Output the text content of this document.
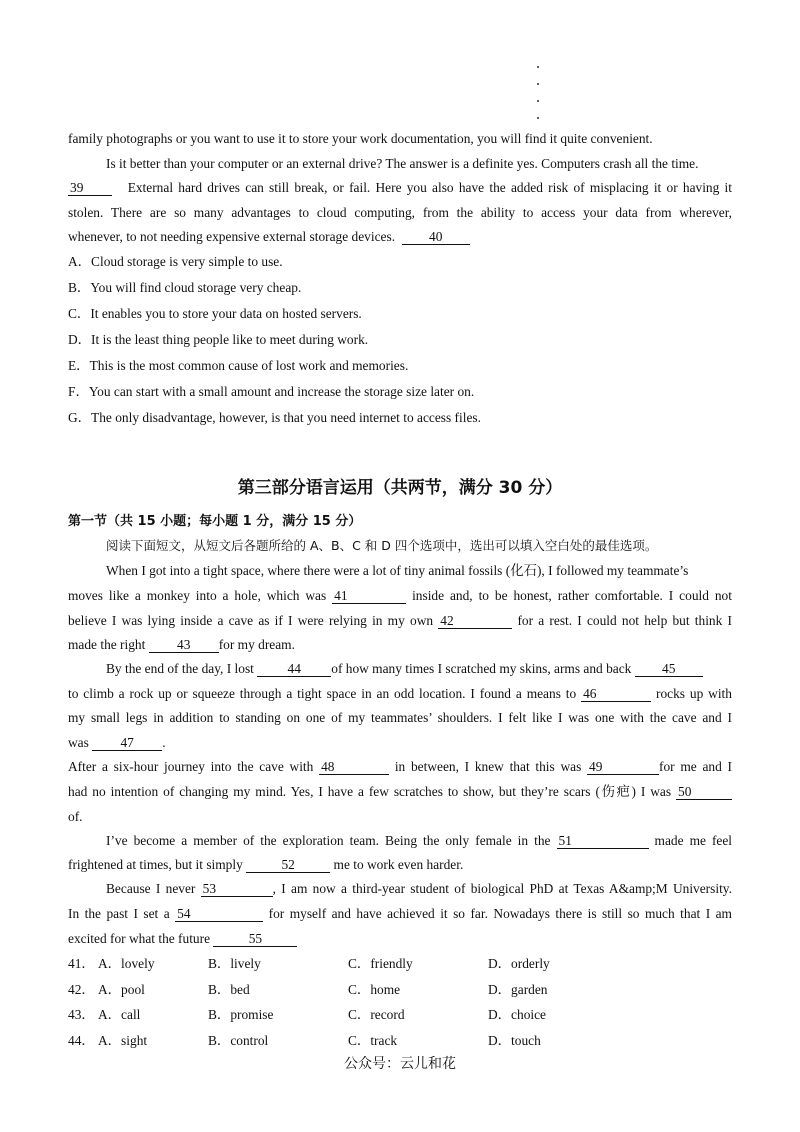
family photographs or you want to use it to store your work documentation, you will find it quite convenient.
Is it better than your computer or an external drive? The answer is a definite yes. Computers crash all the time.
39	External hard drives can still break, or fail. Here you also have the added risk of misplacing it or having it
stolen. There are so many advantages to cloud computing, from the ability to access your data from wherever,
whenever, to not needing expensive external storage devices.	40
A．Cloud storage is very simple to use.
B．You will find cloud storage very cheap.
C．It enables you to store your data on hosted servers.
D．It is the least thing people like to meet during work.
E．This is the most common cause of lost work and memories.
F．You can start with a small amount and increase the storage size later on.
G．The only disadvantage, however, is that you need internet to access files.
第三部分语言运用（共两节，满分 30 分）
第一节（共 15 小题；每小题 1 分，满分 15 分）
阅读下面短文，从短文后各题所给的 A、B、C 和 D 四个选项中，选出可以填入空白处的最佳选项。
When I got into a tight space, where there were a lot of tiny animal fossils (化石), I followed my teammate’s
moves like a monkey into a hole, which was 41	inside and, to be honest, rather comfortable. I could not
believe I was lying inside a cave as if I were relying in my own 42	for a rest. I could not help but think I
made the right 43 for my dream.
By the end of the day, I lost	44 of how many times I scratched my skins, arms and back 45
to climb a rock up or squeeze through a tight space in an odd location. I found a means to 46	rocks up with
my small legs in addition to standing on one of my teammates’ shoulders. I felt like I was one with the cave and I
was 47 .
After a six-hour journey into the cave with 48	in between, I knew that this was 49	for me and I
had no intention of changing my mind. Yes, I have a few scratches to show, but they’re scars (伤疤) I was 50
of.
I’ve become a member of the exploration team. Being the only female in the 51	made me feel
frightened at times, but it simply	52	me to work even harder.
Because I never 53	, I am now a third-year student of biological PhD at Texas A&amp;M University.
In the past I set a 54	for myself and have achieved it so far. Nowadays there is still so much that I am
excited for what the future	55
41． A．lovely	B．lively	C．friendly	D．orderly
42． A．pool	B．bed	C．home	D．garden
43． A．call	B．promise	C．record	D．choice
44． A．sight	B．control	C．track	D．touch
公众号：云儿和花
